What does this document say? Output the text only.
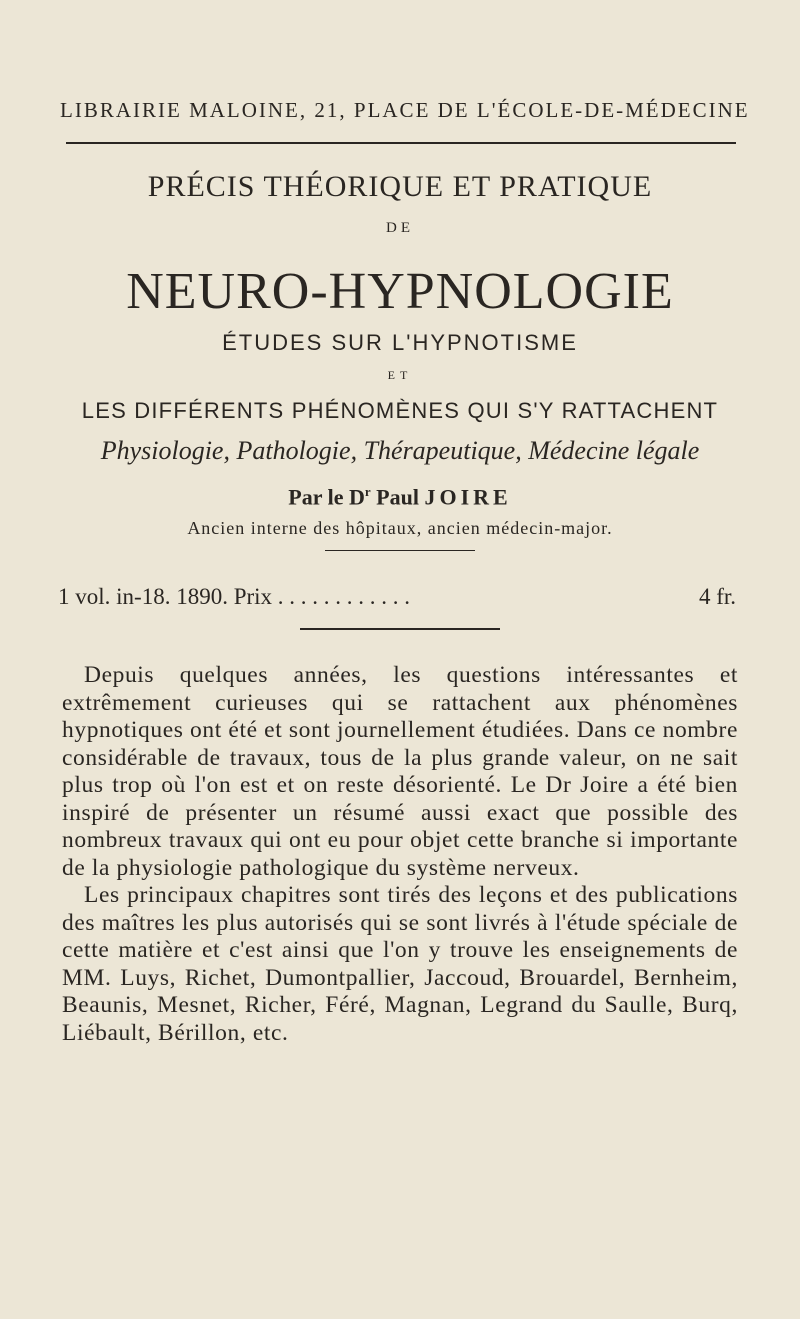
LIBRAIRIE MALOINE, 21, PLACE DE L'ÉCOLE-DE-MÉDECINE
PRÉCIS THÉORIQUE ET PRATIQUE
DE
NEURO-HYPNOLOGIE
ÉTUDES SUR L'HYPNOTISME
ET
LES DIFFÉRENTS PHÉNOMÈNES QUI S'Y RATTACHENT
Physiologie, Pathologie, Thérapeutique, Médecine légale
Par le $D^r$ Paul JOIRE
Ancien interne des hôpitaux, ancien médecin-major.
1 vol. in-18. 1890. Prix . . . . . . . . . . . .	4 fr.

Depuis quelques années, les questions intéressantes et extrêmement curieuses qui se rattachent aux phénomènes hypnotiques ont été et sont journellement étudiées. Dans ce nombre considérable de travaux, tous de la plus grande valeur, on ne sait plus trop où l'on est et on reste désorienté. Le Dr Joire a été bien inspiré de présenter un résumé aussi exact que possible des nombreux travaux qui ont eu pour objet cette branche si importante de la physiologie pathologique du système nerveux.

Les principaux chapitres sont tirés des leçons et des publications des maîtres les plus autorisés qui se sont livrés à l'étude spéciale de cette matière et c'est ainsi que l'on y trouve les enseignements de MM. Luys, Richet, Dumontpallier, Jaccoud, Brouardel, Bernheim, Beaunis, Mesnet, Richer, Féré, Magnan, Legrand du Saulle, Burq, Liébault, Bérillon, etc.
